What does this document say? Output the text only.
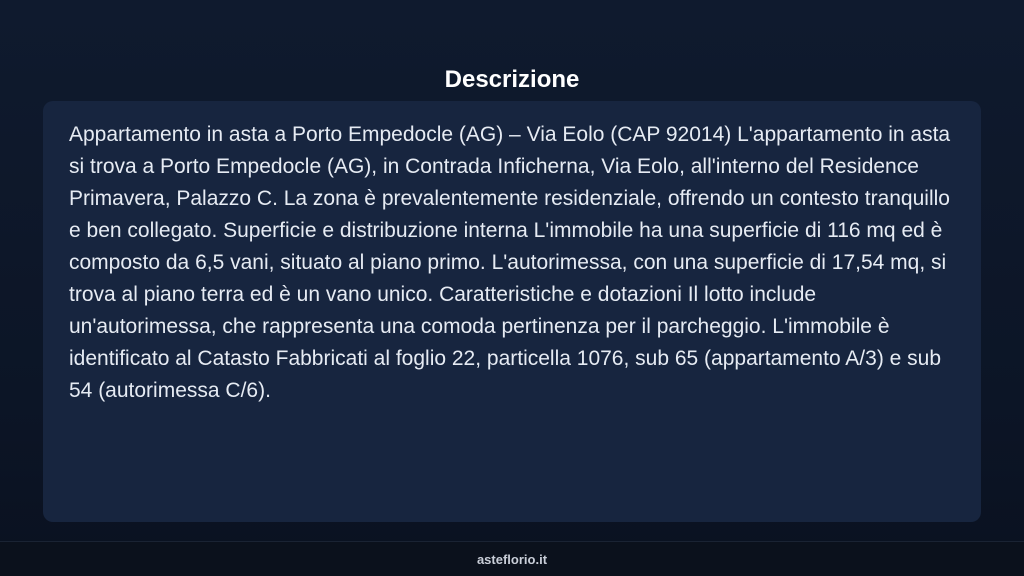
Descrizione

Appartamento in asta a Porto Empedocle (AG) – Via Eolo (CAP 92014) L'appartamento in asta si trova a Porto Empedocle (AG), in Contrada Inficherna, Via Eolo, all'interno del Residence Primavera, Palazzo C. La zona è prevalentemente residenziale, offrendo un contesto tranquillo e ben collegato. Superficie e distribuzione interna L'immobile ha una superficie di 116 mq ed è composto da 6,5 vani, situato al piano primo. L'autorimessa, con una superficie di 17,54 mq, si trova al piano terra ed è un vano unico. Caratteristiche e dotazioni Il lotto include un'autorimessa, che rappresenta una comoda pertinenza per il parcheggio. L'immobile è identificato al Catasto Fabbricati al foglio 22, particella 1076, sub 65 (appartamento A/3) e sub 54 (autorimessa C/6).

asteflorio.it
